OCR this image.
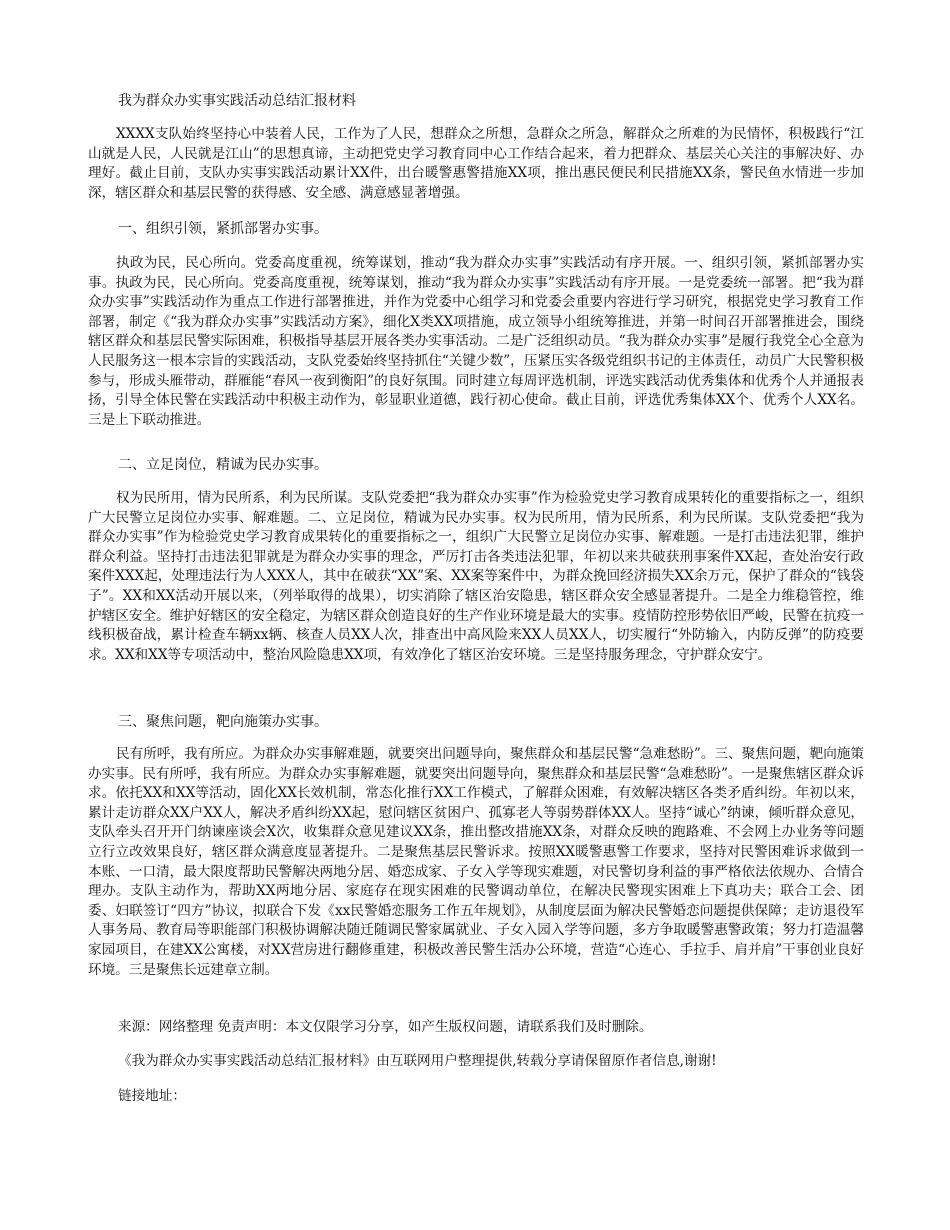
我为群众办实事实践活动总结汇报材料
XXXX支队始终坚持心中装着人民，工作为了人民，想群众之所想，急群众之所急，解群众之所难的为民情怀，积极践行“江山就是人民，人民就是江山”的思想真谛，主动把党史学习教育同中心工作结合起来，着力把群众、基层关心关注的事解决好、办理好。截止目前，支队办实事实践活动累计XX件，出台暖警惠警措施XX项，推出惠民便民利民措施XX条，警民鱼水情进一步加深，辖区群众和基层民警的获得感、安全感、满意感显著增强。
一、组织引领，紧抓部署办实事。
执政为民，民心所向。党委高度重视，统筹谋划，推动“我为群众办实事”实践活动有序开展。一、组织引领，紧抓部署办实事。执政为民，民心所向。党委高度重视，统筹谋划，推动“我为群众办实事”实践活动有序开展。一是党委统一部署。把“我为群众办实事”实践活动作为重点工作进行部署推进，并作为党委中心组学习和党委会重要内容进行学习研究，根据党史学习教育工作部署，制定《“我为群众办实事”实践活动方案》，细化X类XX项措施，成立领导小组统筹推进，并第一时间召开部署推进会，围绕辖区群众和基层民警实际困难，积极指导基层开展各类办实事活动。二是广泛组织动员。“我为群众办实事”是履行我党全心全意为人民服务这一根本宗旨的实践活动，支队党委始终坚持抓住“关键少数”，压紧压实各级党组织书记的主体责任，动员广大民警积极参与，形成头雁带动，群雁能“春风一夜到衡阳”的良好氛围。同时建立每周评选机制，评选实践活动优秀集体和优秀个人并通报表扬，引导全体民警在实践活动中积极主动作为，彰显职业道德，践行初心使命。截止目前，评选优秀集体XX个、优秀个人XX名。三是上下联动推进。
二、立足岗位，精诚为民办实事。
权为民所用，情为民所系，利为民所谋。支队党委把“我为群众办实事”作为检验党史学习教育成果转化的重要指标之一，组织广大民警立足岗位办实事、解难题。二、立足岗位，精诚为民办实事。权为民所用，情为民所系，利为民所谋。支队党委把“我为群众办实事”作为检验党史学习教育成果转化的重要指标之一，组织广大民警立足岗位办实事、解难题。一是打击违法犯罪，维护群众利益。坚持打击违法犯罪就是为群众办实事的理念，严厉打击各类违法犯罪，年初以来共破获刑事案件XX起，查处治安行政案件XXX起，处理违法行为人XXX人，其中在破获“XX”案、XX案等案件中，为群众挽回经济损失XX余万元，保护了群众的“钱袋子”。XX和XX活动开展以来，（列举取得的战果），切实消除了辖区治安隐患，辖区群众安全感显著提升。二是全力维稳管控，维护辖区安全。维护好辖区的安全稳定，为辖区群众创造良好的生产作业环境是最大的实事。疫情防控形势依旧严峻，民警在抗疫一线积极奋战，累计检查车辆xx辆、核查人员XX人次，排查出中高风险来XX人员XX人，切实履行“外防输入，内防反弹”的防疫要求。XX和XX等专项活动中，整治风险隐患XX项，有效净化了辖区治安环境。三是坚持服务理念，守护群众安宁。
三、聚焦问题，靶向施策办实事。
民有所呼，我有所应。为群众办实事解难题，就要突出问题导向，聚焦群众和基层民警“急难愁盼”。三、聚焦问题，靶向施策办实事。民有所呼，我有所应。为群众办实事解难题，就要突出问题导向，聚焦群众和基层民警“急难愁盼”。一是聚焦辖区群众诉求。依托XX和XX等活动，固化XX长效机制，常态化推行XX工作模式，了解群众困难，有效解决辖区各类矛盾纠纷。年初以来，累计走访群众XX户XX人，解决矛盾纠纷XX起，慰问辖区贫困户、孤寡老人等弱势群体XX人。坚持“诚心”纳谏，倾听群众意见，支队牵头召开开门纳谏座谈会X次，收集群众意见建议XX条，推出整改措施XX条，对群众反映的跑路难、不会网上办业务等问题立行立改效果良好，辖区群众满意度显著提升。二是聚焦基层民警诉求。按照XX暖警惠警工作要求，坚持对民警困难诉求做到一本账、一口清，最大限度帮助民警解决两地分居、婚恋成家、子女入学等现实难题，对民警切身利益的事严格依法依规办、合情合理办。支队主动作为，帮助XX两地分居、家庭存在现实困难的民警调动单位，在解决民警现实困难上下真功夫；联合工会、团委、妇联签订“四方”协议，拟联合下发《xx民警婚恋服务工作五年规划》，从制度层面为解决民警婚恋问题提供保障；走访退役军人事务局、教育局等职能部门积极协调解决随迁随调民警家属就业、子女入园入学等问题，多方争取暖警惠警政策；努力打造温馨家园项目，在建XX公寓楼，对XX营房进行翻修重建，积极改善民警生活办公环境，营造“心连心、手拉手、肩并肩”干事创业良好环境。三是聚焦长远建章立制。
来源：网络整理 免责声明：本文仅限学习分享，如产生版权问题，请联系我们及时删除。
《我为群众办实事实践活动总结汇报材料》由互联网用户整理提供,转载分享请保留原作者信息,谢谢!
链接地址：
